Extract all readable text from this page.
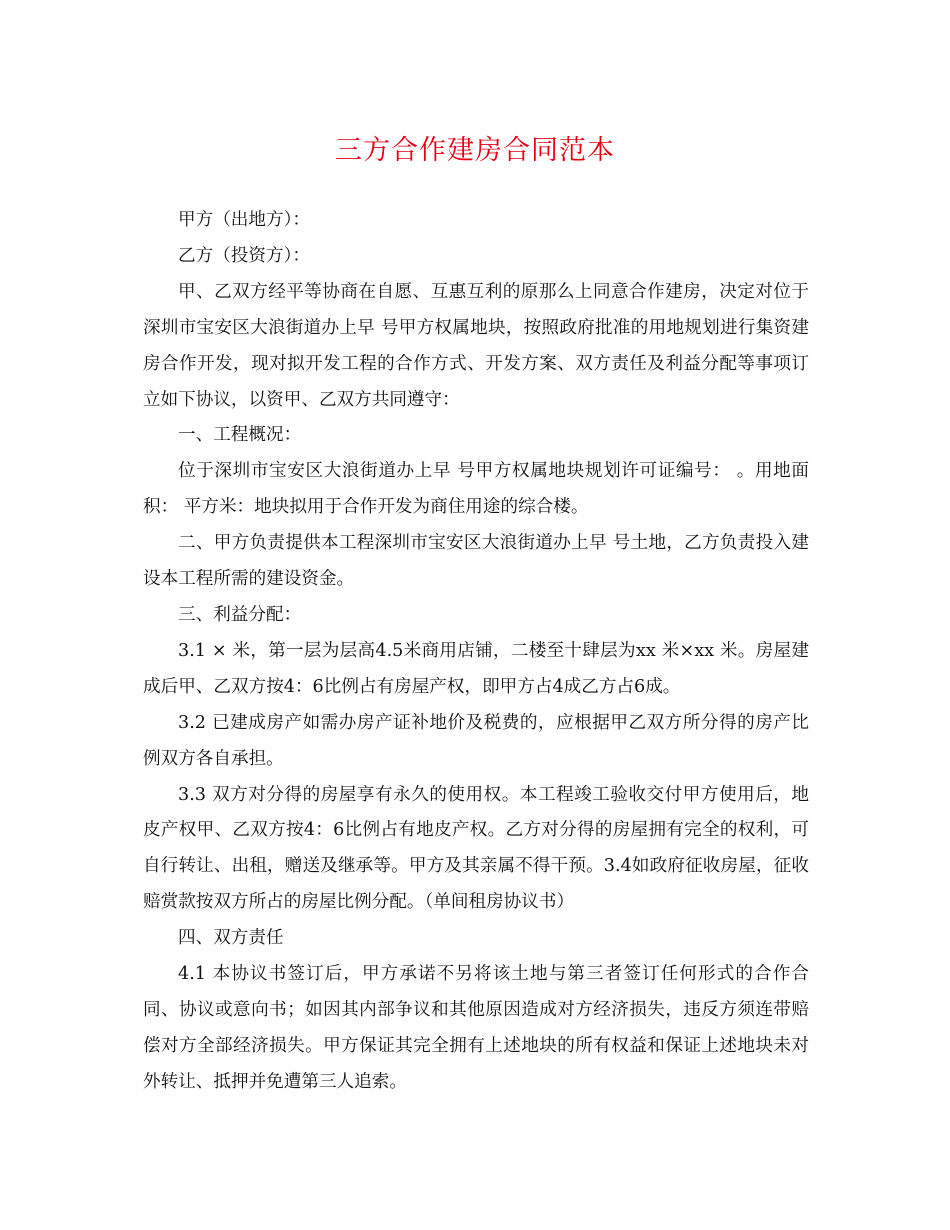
三方合作建房合同范本

甲方（出地方）：

乙方（投资方）：

甲、乙双方经平等协商在自愿、互惠互利的原那么上同意合作建房，决定对位于深圳市宝安区大浪街道办上早 号甲方权属地块，按照政府批准的用地规划进行集资建房合作开发，现对拟开发工程的合作方式、开发方案、双方责任及利益分配等事项订立如下协议，以资甲、乙双方共同遵守：

一、工程概况：

位于深圳市宝安区大浪街道办上早 号甲方权属地块规划许可证编号： 。用地面积： 平方米：地块拟用于合作开发为商住用途的综合楼。

二、甲方负责提供本工程深圳市宝安区大浪街道办上早 号土地，乙方负责投入建设本工程所需的建设资金。

三、利益分配：

3.1 × 米，第一层为层高4.5米商用店铺，二楼至十肆层为xx 米×xx 米。房屋建成后甲、乙双方按4：6比例占有房屋产权，即甲方占4成乙方占6成。

3.2 已建成房产如需办房产证补地价及税费的，应根据甲乙双方所分得的房产比例双方各自承担。

3.3 双方对分得的房屋享有永久的使用权。本工程竣工验收交付甲方使用后，地皮产权甲、乙双方按4：6比例占有地皮产权。乙方对分得的房屋拥有完全的权利，可自行转让、出租，赠送及继承等。甲方及其亲属不得干预。3.4如政府征收房屋，征收赔赏款按双方所占的房屋比例分配。（单间租房协议书）

四、双方责任

4.1 本协议书签订后，甲方承诺不另将该土地与第三者签订任何形式的合作合同、协议或意向书；如因其内部争议和其他原因造成对方经济损失，违反方须连带赔偿对方全部经济损失。甲方保证其完全拥有上述地块的所有权益和保证上述地块未对外转让、抵押并免遭第三人追索。
